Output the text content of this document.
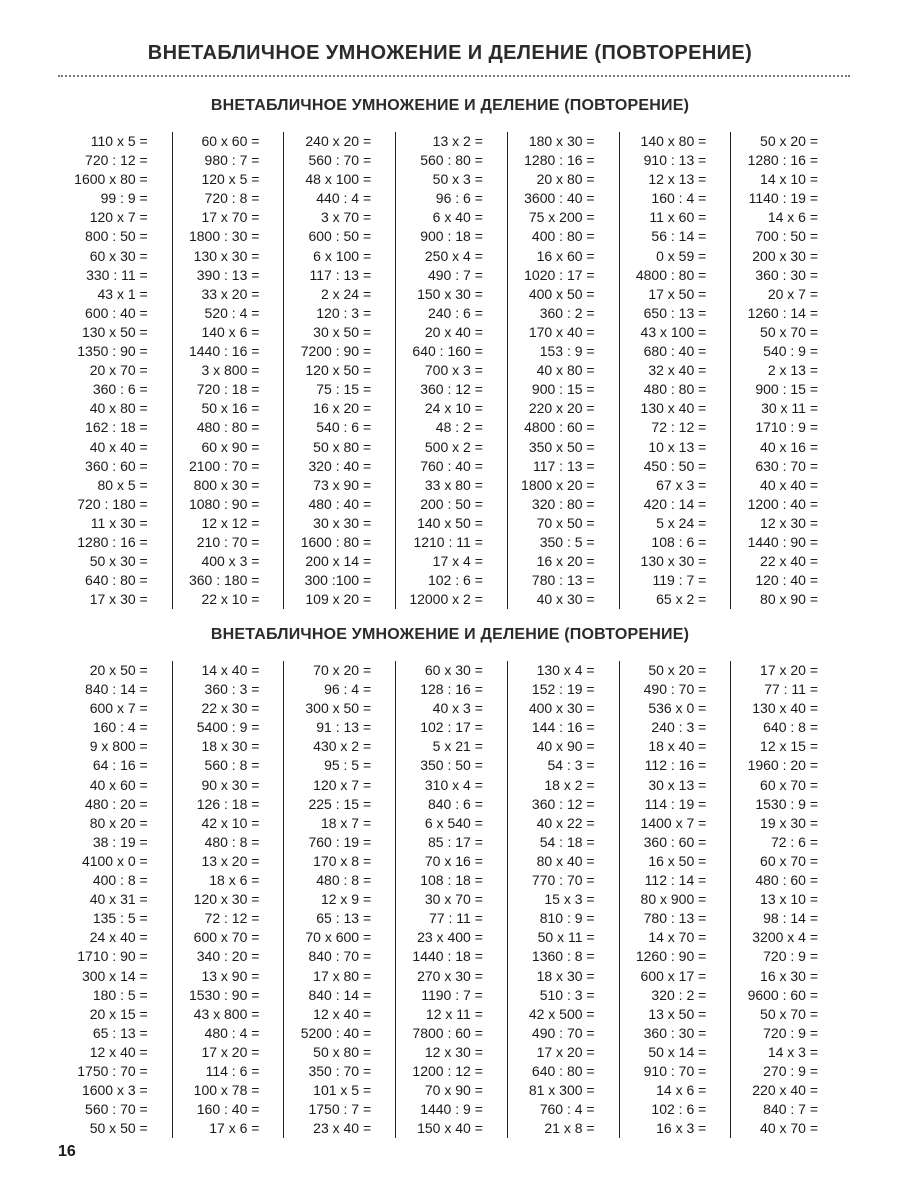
ВНЕТАБЛИЧНОЕ УМНОЖЕНИЕ И ДЕЛЕНИЕ (ПОВТОРЕНИЕ)
ВНЕТАБЛИЧНОЕ УМНОЖЕНИЕ И ДЕЛЕНИЕ (ПОВТОРЕНИЕ)
110 x 5 =
720 : 12 =
1600 x 80 =
99 : 9 =
120 x 7 =
800 : 50 =
60 x 30 =
330 : 11 =
43 x 1 =
600 : 40 =
130 x 50 =
1350 : 90 =
20 x 70 =
360 : 6 =
40 x 80 =
162 : 18 =
40 x 40 =
360 : 60 =
80 x 5 =
720 : 180 =
11 x 30 =
1280 : 16 =
50 x 30 =
640 : 80 =
17 x 30 =
60 x 60 =
980 : 7 =
120 x 5 =
720 : 8 =
17 x 70 =
1800 : 30 =
130 x 30 =
390 : 13 =
33 x 20 =
520 : 4 =
140 x 6 =
1440 : 16 =
3 x 800 =
720 : 18 =
50 x 16 =
480 : 80 =
60 x 90 =
2100 : 70 =
800 x 30 =
1080 : 90 =
12 x 12 =
210 : 70 =
400 x 3 =
360 : 180 =
22 x 10 =
240 x 20 =
560 : 70 =
48 x 100 =
440 : 4 =
3 x 70 =
600 : 50 =
6 x 100 =
117 : 13 =
2 x 24 =
120 : 3 =
30 x 50 =
7200 : 90 =
120 x 50 =
75 : 15 =
16 x 20 =
540 : 6 =
50 x 80 =
320 : 40 =
73 x 90 =
480 : 40 =
30 x 30 =
1600 : 80 =
200 x 14 =
300 :100 =
109 x 20 =
13 x 2 =
560 : 80 =
50 x 3 =
96 : 6 =
6 x 40 =
900 : 18 =
250 x 4 =
490 : 7 =
150 x 30 =
240 : 6 =
20 x 40 =
640 : 160 =
700 x 3 =
360 : 12 =
24 x 10 =
48 : 2 =
500 x 2 =
760 : 40 =
33 x 80 =
200 : 50 =
140 x 50 =
1210 : 11 =
17 x 4 =
102 : 6 =
12000 x 2 =
180 x 30 =
1280 : 16 =
20 x 80 =
3600 : 40 =
75 x 200 =
400 : 80 =
16 x 60 =
1020 : 17 =
400 x 50 =
360 : 2 =
170 x 40 =
153 : 9 =
40 x 80 =
900 : 15 =
220 x 20 =
4800 : 60 =
350 x 50 =
117 : 13 =
1800 x 20 =
320 : 80 =
70 x 50 =
350 : 5 =
16 x 20 =
780 : 13 =
40 x 30 =
140 x 80 =
910 : 13 =
12 x 13 =
160 : 4 =
11 x 60 =
56 : 14 =
0 x 59 =
4800 : 80 =
17 x 50 =
650 : 13 =
43 x 100 =
680 : 40 =
32 x 40 =
480 : 80 =
130 x 40 =
72 : 12 =
10 x 13 =
450 : 50 =
67 x 3 =
420 : 14 =
5 x 24 =
108 : 6 =
130 x 30 =
119 : 7 =
65 x 2 =
50 x 20 =
1280 : 16 =
14 x 10 =
1140 : 19 =
14 x 6 =
700 : 50 =
200 x 30 =
360 : 30 =
20 x 7 =
1260 : 14 =
50 x 70 =
540 : 9 =
2 x 13 =
900 : 15 =
30 x 11 =
1710 : 9 =
40 x 16 =
630 : 70 =
40 x 40 =
1200 : 40 =
12 x 30 =
1440 : 90 =
22 x 40 =
120 : 40 =
80 x 90 =
ВНЕТАБЛИЧНОЕ УМНОЖЕНИЕ И ДЕЛЕНИЕ (ПОВТОРЕНИЕ)
20 x 50 =
840 : 14 =
600 x 7 =
160 : 4 =
9 x 800 =
64 : 16 =
40 x 60 =
480 : 20 =
80 x 20 =
38 : 19 =
4100 x 0 =
400 : 8 =
40 x 31 =
135 : 5 =
24 x 40 =
1710 : 90 =
300 x 14 =
180 : 5 =
20 x 15 =
65 : 13 =
12 x 40 =
1750 : 70 =
1600 x 3 =
560 : 70 =
50 x 50 =
14 x 40 =
360 : 3 =
22 x 30 =
5400 : 9 =
18 x 30 =
560 : 8 =
90 x 30 =
126 : 18 =
42 x 10 =
480 : 8 =
13 x 20 =
18 x 6 =
120 x 30 =
72 : 12 =
600 x 70 =
340 : 20 =
13 x 90 =
1530 : 90 =
43 x 800 =
480 : 4 =
17 x 20 =
114 : 6 =
100 x 78 =
160 : 40 =
17 x 6 =
70 x 20 =
96 : 4 =
300 x 50 =
91 : 13 =
430 x 2 =
95 : 5 =
120 x 7 =
225 : 15 =
18 x 7 =
760 : 19 =
170 x 8 =
480 : 8 =
12 x 9 =
65 : 13 =
70 x 600 =
840 : 70 =
17 x 80 =
840 : 14 =
12 x 40 =
5200 : 40 =
50 x 80 =
350 : 70 =
101 x 5 =
1750 : 7 =
23 x 40 =
60 x 30 =
128 : 16 =
40 x 3 =
102 : 17 =
5 x 21 =
350 : 50 =
310 x 4 =
840 : 6 =
6 x 540 =
85 : 17 =
70 x 16 =
108 : 18 =
30 x 70 =
77 : 11 =
23 x 400 =
1440 : 18 =
270 x 30 =
1190 : 7 =
12 x 11 =
7800 : 60 =
12 x 30 =
1200 : 12 =
70 x 90 =
1440 : 9 =
150 x 40 =
130 x 4 =
152 : 19 =
400 x 30 =
144 : 16 =
40 x 90 =
54 : 3 =
18 x 2 =
360 : 12 =
40 x 22 =
54 : 18 =
80 x 40 =
770 : 70 =
15 x 3 =
810 : 9 =
50 x 11 =
1360 : 8 =
18 x 30 =
510 : 3 =
42 x 500 =
490 : 70 =
17 x 20 =
640 : 80 =
81 x 300 =
760 : 4 =
21 x 8 =
50 x 20 =
490 : 70 =
536 x 0 =
240 : 3 =
18 x 40 =
112 : 16 =
30 x 13 =
114 : 19 =
1400 x 7 =
360 : 60 =
16 x 50 =
112 : 14 =
80 x 900 =
780 : 13 =
14 x 70 =
1260 : 90 =
600 x 17 =
320 : 2 =
13 x 50 =
360 : 30 =
50 x 14 =
910 : 70 =
14 x 6 =
102 : 6 =
16 x 3 =
17 x 20 =
77 : 11 =
130 x 40 =
640 : 8 =
12 x 15 =
1960 : 20 =
60 x 70 =
1530 : 9 =
19 x 30 =
72 : 6 =
60 x 70 =
480 : 60 =
13 x 10 =
98 : 14 =
3200 x 4 =
720 : 9 =
16 x 30 =
9600 : 60 =
50 x 70 =
720 : 9 =
14 x 3 =
270 : 9 =
220 x 40 =
840 : 7 =
40 x 70 =
16
